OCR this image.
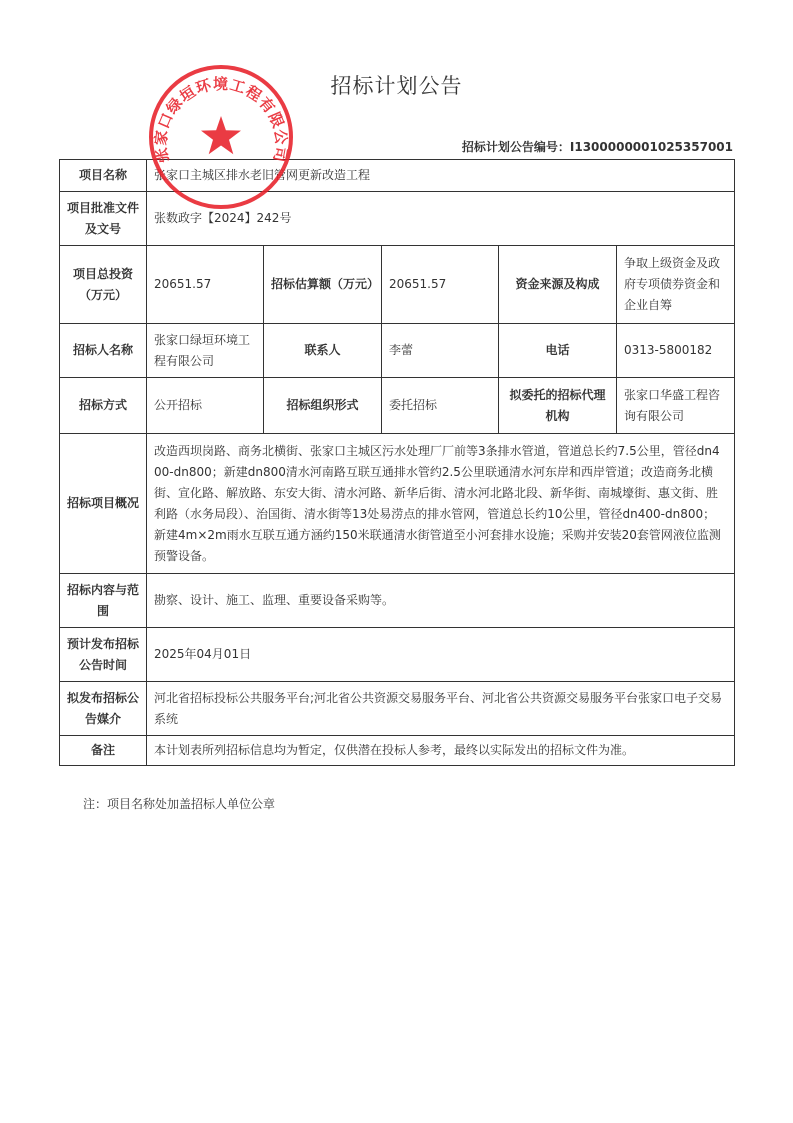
招标计划公告
招标计划公告编号：I1300000001025357001
项目名称	张家口主城区排水老旧管网更新改造工程				
项目批准文件及文号	张数政字【2024】242号				
项目总投资（万元）	20651.57	招标估算额（万元）	20651.57	资金来源及构成	争取上级资金及政府专项债券资金和企业自筹
招标人名称	张家口绿垣环境工程有限公司	联系人	李蕾	电话	0313-5800182
招标方式	公开招标	招标组织形式	委托招标	拟委托的招标代理机构	张家口华盛工程咨询有限公司
招标项目概况	改造西坝岗路、商务北横街、张家口主城区污水处理厂厂前等3条排水管道，管道总长约7.5公里，管径dn400-dn800；新建dn800清水河南路互联互通排水管约2.5公里联通清水河东岸和西岸管道；改造商务北横街、宣化路、解放路、东安大街、清水河路、新华后街、清水河北路北段、新华街、南城壕街、惠文街、胜利路（水务局段）、治国街、清水街等13处易涝点的排水管网，管道总长约10公里，管径dn400-dn800；新建4m×2m雨水互联互通方涵约150米联通清水街管道至小河套排水设施；采购并安装20套管网液位监测预警设备。				
招标内容与范围	勘察、设计、施工、监理、重要设备采购等。				
预计发布招标公告时间	2025年04月01日				
拟发布招标公告媒介	河北省招标投标公共服务平台;河北省公共资源交易服务平台、河北省公共资源交易服务平台张家口电子交易系统				
备注	本计划表所列招标信息均为暂定，仅供潜在投标人参考，最终以实际发出的招标文件为准。				
注：项目名称处加盖招标人单位公章
张家口绿垣环境工程有限公司
